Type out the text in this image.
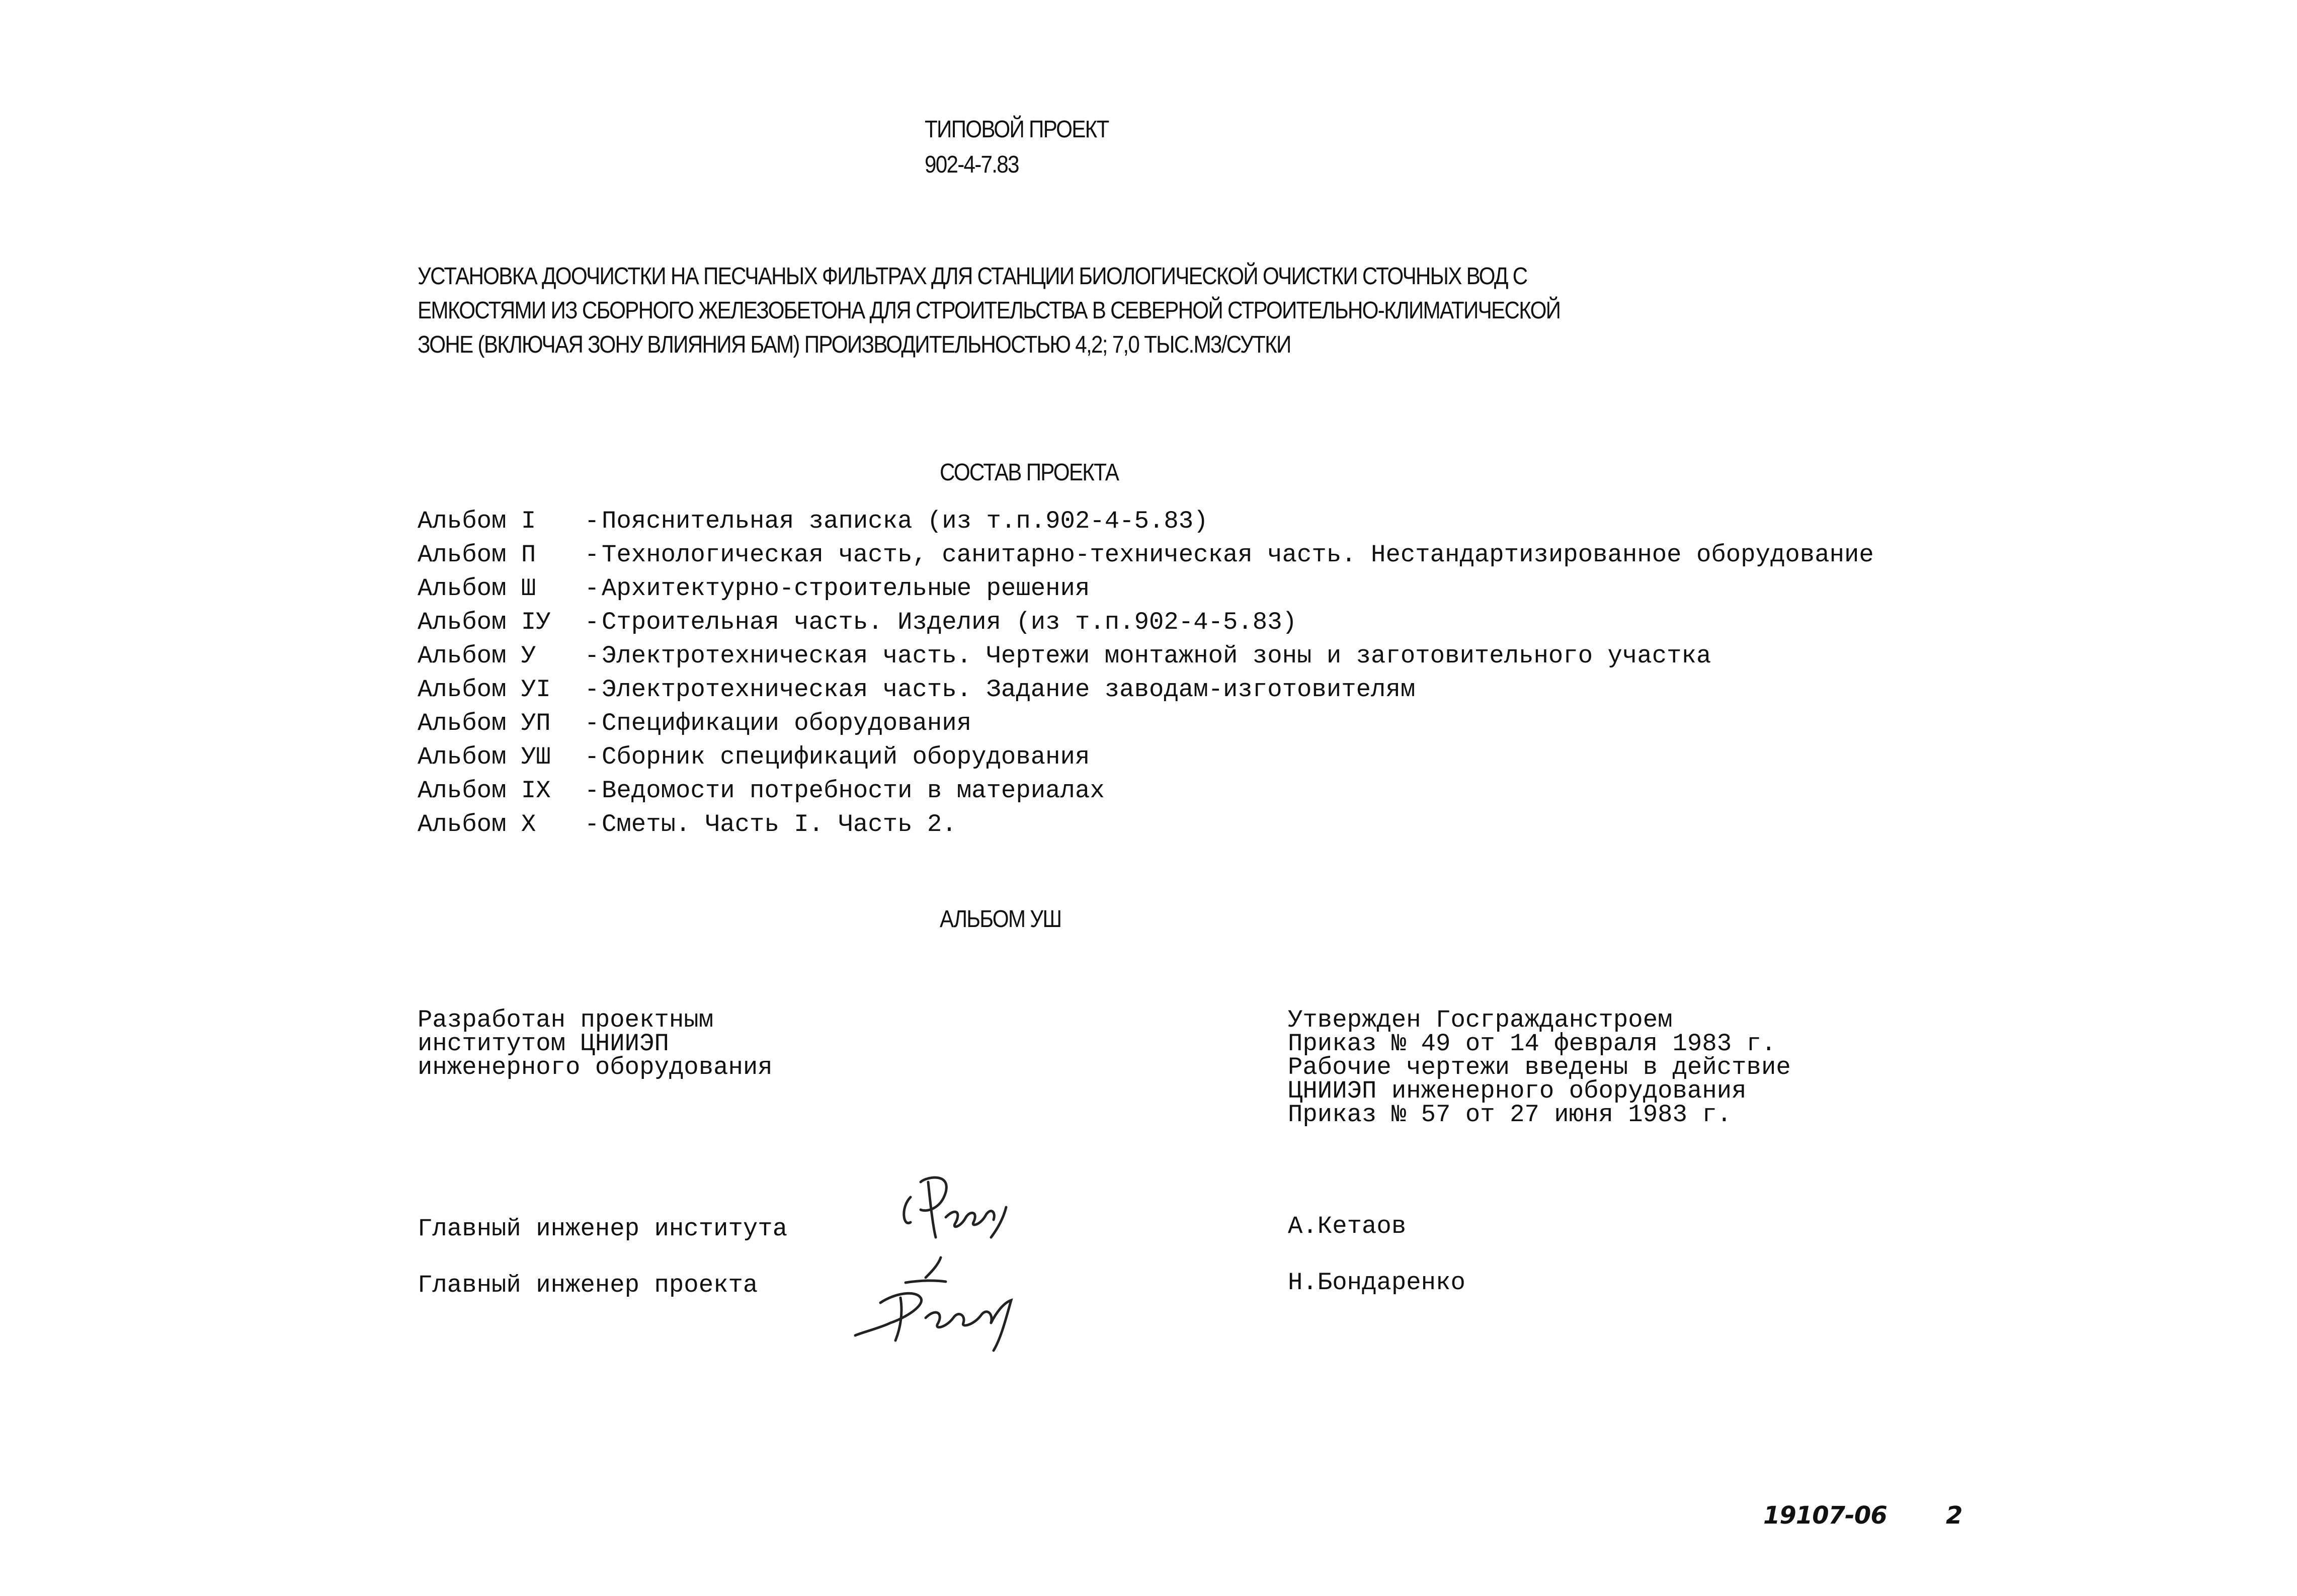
ТИПОВОЙ ПРОЕКТ
902-4-7.83
УСТАНОВКА ДООЧИСТКИ НА ПЕСЧАНЫХ ФИЛЬТРАХ ДЛЯ СТАНЦИИ БИОЛОГИЧЕСКОЙ ОЧИСТКИ СТОЧНЫХ ВОД С
ЕМКОСТЯМИ ИЗ СБОРНОГО ЖЕЛЕЗОБЕТОНА ДЛЯ СТРОИТЕЛЬСТВА В СЕВЕРНОЙ СТРОИТЕЛЬНО-КЛИМАТИЧЕСКОЙ
ЗОНЕ (ВКЛЮЧАЯ ЗОНУ ВЛИЯНИЯ БАМ) ПРОИЗВОДИТЕЛЬНОСТЬЮ 4,2; 7,0 ТЫС.М3/СУТКИ
СОСТАВ ПРОЕКТА
Альбом I -Пояснительная записка (из т.п.902-4-5.83)
Альбом П -Технологическая часть, санитарно-техническая часть. Нестандартизированное оборудование
Альбом Ш -Архитектурно-строительные решения
Альбом IУ -Строительная часть. Изделия (из т.п.902-4-5.83)
Альбом У -Электротехническая часть. Чертежи монтажной зоны и заготовительного участка
Альбом УI -Электротехническая часть. Задание заводам-изготовителям
Альбом УП -Спецификации оборудования
Альбом УШ -Сборник спецификаций оборудования
Альбом IX -Ведомости потребности в материалах
Альбом X -Сметы. Часть I. Часть 2.
АЛЬБОМ УШ
Разработан проектным
институтом ЦНИИЭП
инженерного оборудования
Утвержден Госгражданстроем
Приказ № 49 от 14 февраля 1983 г.
Рабочие чертежи введены в действие
ЦНИИЭП инженерного оборудования
Приказ № 57 от 27 июня 1983 г.
Главный инженер института	А.Кетаов
Главный инженер проекта	Н.Бондаренко
19107-06 2
